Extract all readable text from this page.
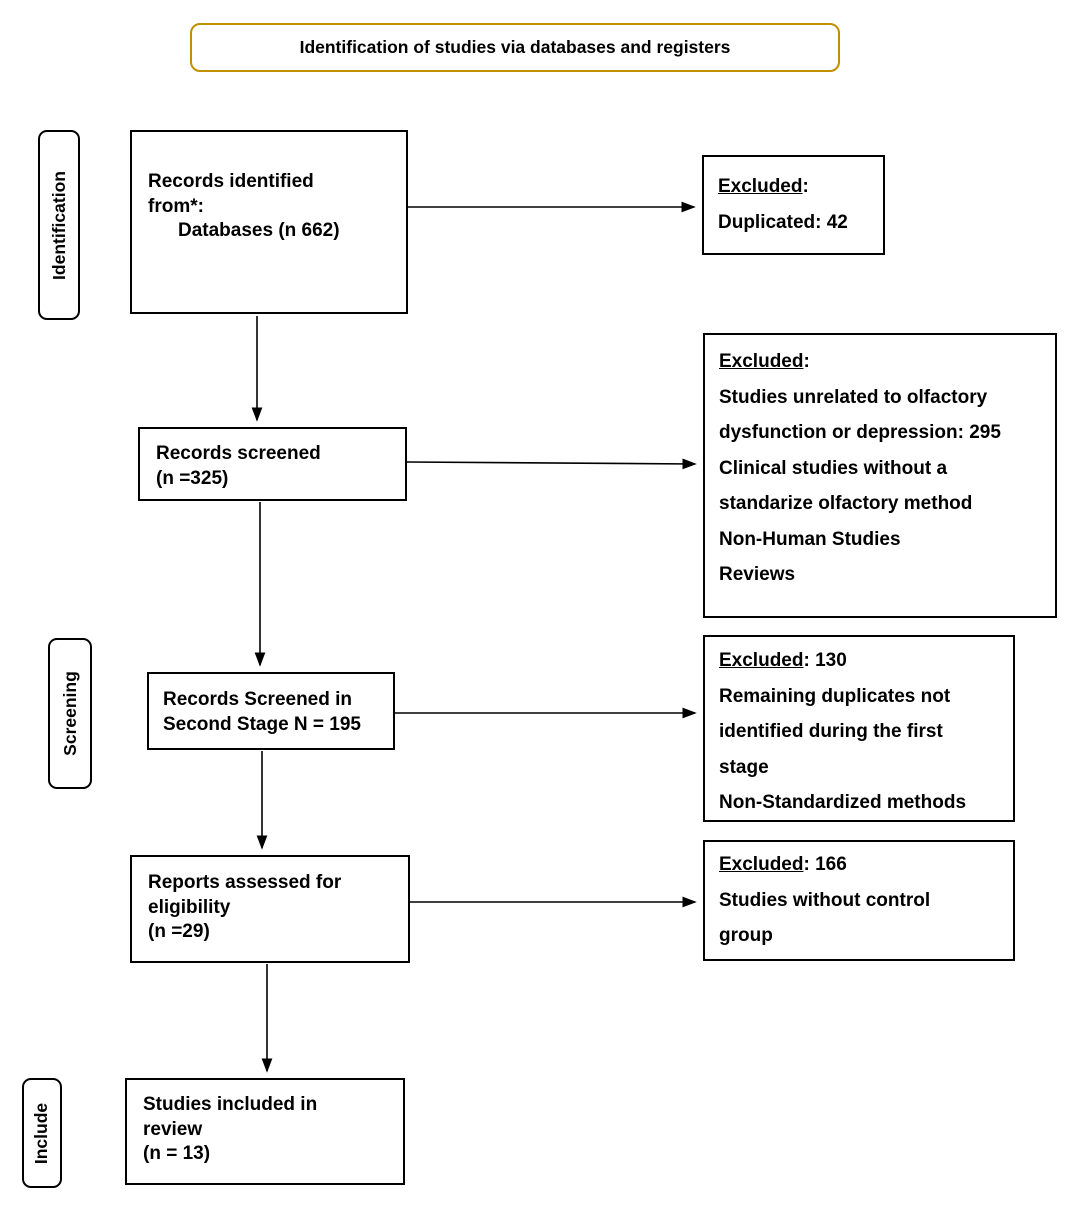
Identification of studies via databases and registers
Identification
Screening
Include
Records identified
from*:
Databases (n 662)
Records screened
(n =325)
Records Screened in
Second Stage N = 195
Reports assessed for
eligibility
(n =29)
Studies included in
review
(n = 13)
Excluded:
Duplicated: 42
Excluded:
Studies unrelated to olfactory
dysfunction or depression: 295
Clinical studies without a
standarize olfactory method
Non-Human Studies
Reviews
Excluded: 130
Remaining duplicates not
identified during the first
stage
Non-Standardized methods
Excluded: 166
Studies without control
group
